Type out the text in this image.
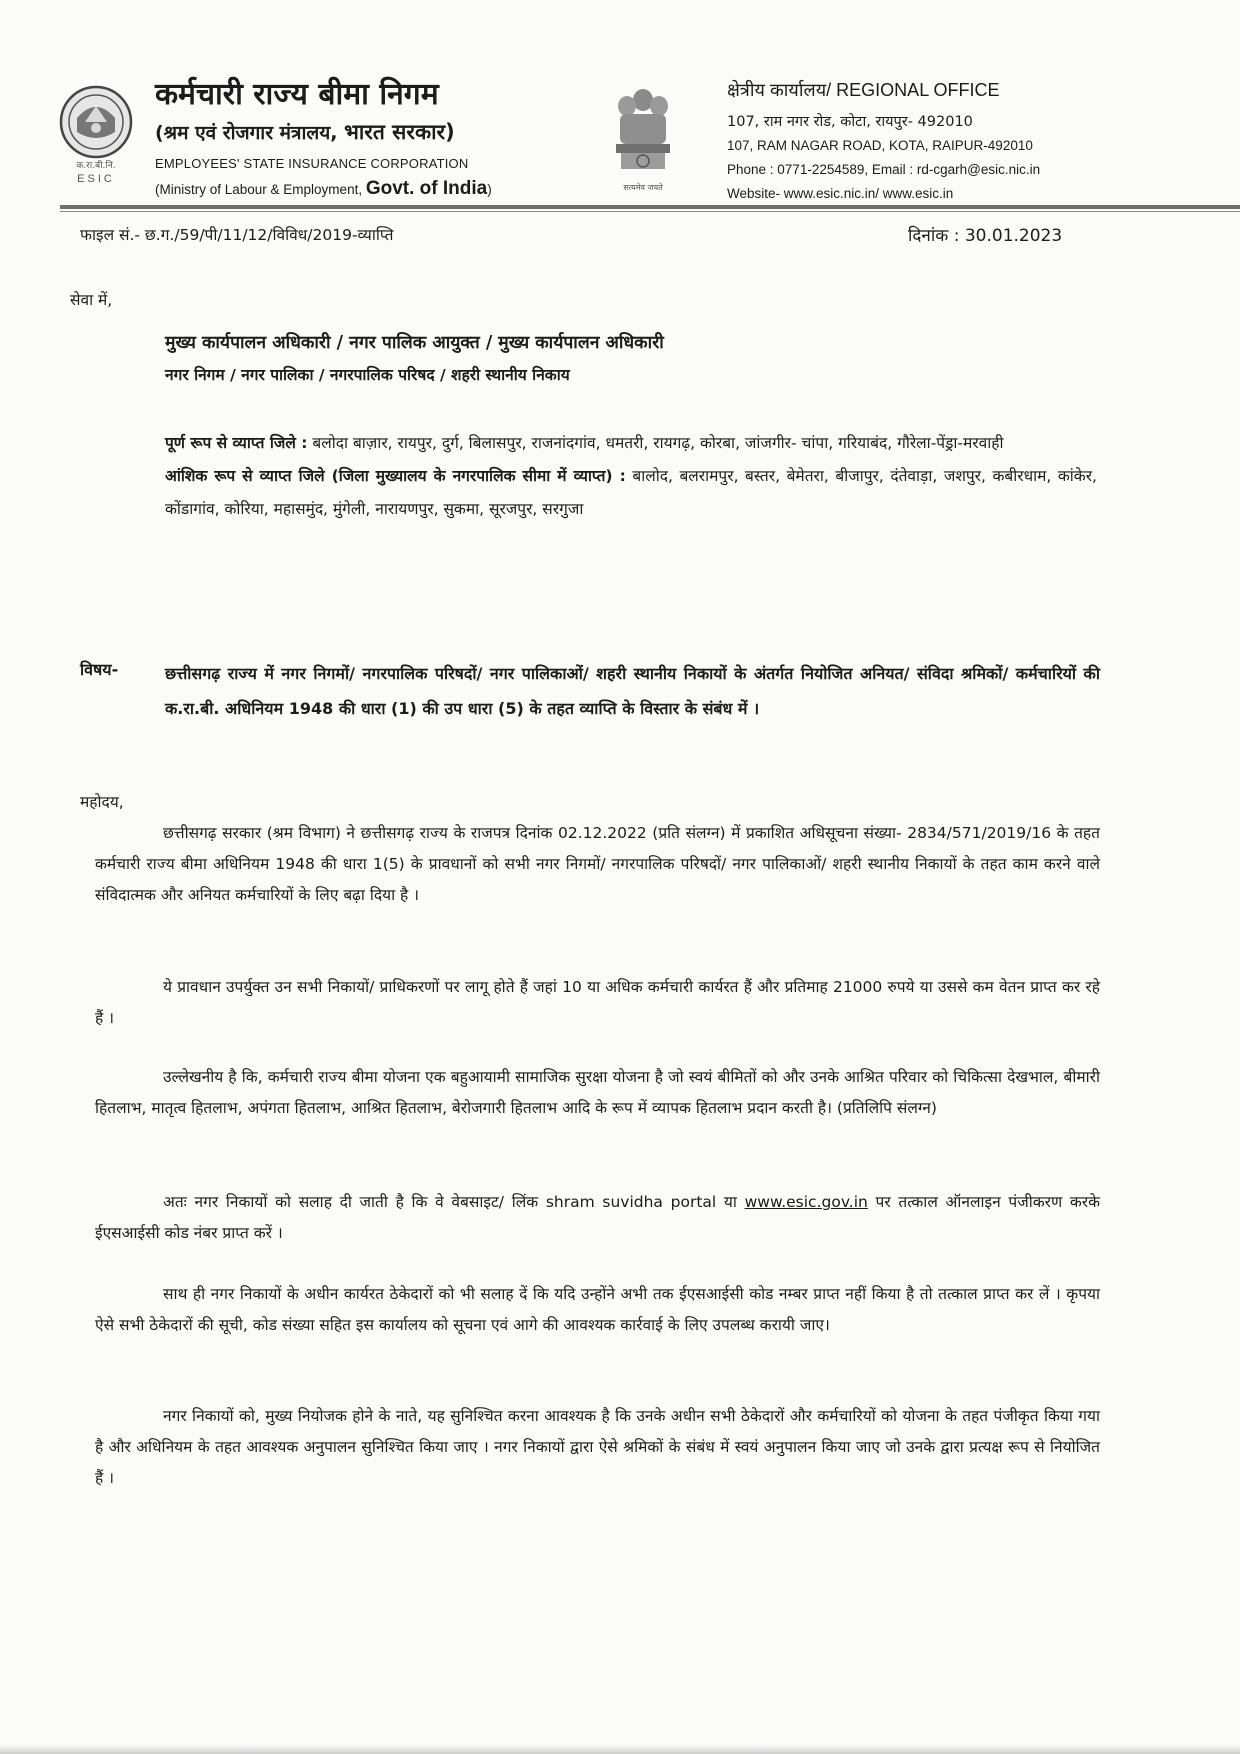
क.रा.बी.नि.
ESIC
कर्मचारी राज्य बीमा निगम
(श्रम एवं रोजगार मंत्रालय, भारत सरकार)
EMPLOYEES' STATE INSURANCE CORPORATION
(Ministry of Labour & Employment, Govt. of India)	सत्यमेव जयते
क्षेत्रीय कार्यालय/ REGIONAL OFFICE
107, राम नगर रोड, कोटा, रायपुर- 492010
107, RAM NAGAR ROAD, KOTA, RAIPUR-492010
Phone : 0771-2254589, Email : rd-cgarh@esic.nic.in
Website- www.esic.nic.in/ www.esic.in
फाइल सं.- छ.ग./59/पी/11/12/विविध/2019-व्याप्ति	दिनांक : 30.01.2023
सेवा में,
मुख्य कार्यपालन अधिकारी / नगर पालिक आयुक्त / मुख्य कार्यपालन अधिकारी
नगर निगम / नगर पालिका / नगरपालिक परिषद / शहरी स्थानीय निकाय
पूर्ण रूप से व्याप्त जिले : बलोदा बाज़ार, रायपुर, दुर्ग, बिलासपुर, राजनांदगांव, धमतरी, रायगढ़, कोरबा, जांजगीर- चांपा, गरियाबंद, गौरेला-पेंड्रा-मरवाही
आंशिक रूप से व्याप्त जिले (जिला मुख्यालय के नगरपालिक सीमा में व्याप्त) : बालोद, बलरामपुर, बस्तर, बेमेतरा, बीजापुर, दंतेवाड़ा, जशपुर, कबीरधाम, कांकेर, कोंडागांव, कोरिया, महासमुंद, मुंगेली, नारायणपुर, सुकमा, सूरजपुर, सरगुजा
विषय-	छत्तीसगढ़ राज्य में नगर निगमों/ नगरपालिक परिषदों/ नगर पालिकाओं/ शहरी स्थानीय निकायों के अंतर्गत नियोजित अनियत/ संविदा श्रमिकों/ कर्मचारियों की क.रा.बी. अधिनियम 1948 की धारा (1) की उप धारा (5) के तहत व्याप्ति के विस्तार के संबंध में ।
महोदय,
छत्तीसगढ़ सरकार (श्रम विभाग) ने छत्तीसगढ़ राज्य के राजपत्र दिनांक 02.12.2022 (प्रति संलग्न) में प्रकाशित अधिसूचना संख्या- 2834/571/2019/16 के तहत कर्मचारी राज्य बीमा अधिनियम 1948 की धारा 1(5) के प्रावधानों को सभी नगर निगमों/ नगरपालिक परिषदों/ नगर पालिकाओं/ शहरी स्थानीय निकायों के तहत काम करने वाले संविदात्मक और अनियत कर्मचारियों के लिए बढ़ा दिया है ।
ये प्रावधान उपर्युक्त उन सभी निकायों/ प्राधिकरणों पर लागू होते हैं जहां 10 या अधिक कर्मचारी कार्यरत हैं और प्रतिमाह 21000 रुपये या उससे कम वेतन प्राप्त कर रहे हैं ।
उल्लेखनीय है कि, कर्मचारी राज्य बीमा योजना एक बहुआयामी सामाजिक सुरक्षा योजना है जो स्वयं बीमितों को और उनके आश्रित परिवार को चिकित्सा देखभाल, बीमारी हितलाभ, मातृत्व हितलाभ, अपंगता हितलाभ, आश्रित हितलाभ, बेरोजगारी हितलाभ आदि के रूप में व्यापक हितलाभ प्रदान करती है। (प्रतिलिपि संलग्न)
अतः नगर निकायों को सलाह दी जाती है कि वे वेबसाइट/ लिंक shram suvidha portal या www.esic.gov.in पर तत्काल ऑनलाइन पंजीकरण करके ईएसआईसी कोड नंबर प्राप्त करें ।
साथ ही नगर निकायों के अधीन कार्यरत ठेकेदारों को भी सलाह दें कि यदि उन्होंने अभी तक ईएसआईसी कोड नम्बर प्राप्त नहीं किया है तो तत्काल प्राप्त कर लें । कृपया ऐसे सभी ठेकेदारों की सूची, कोड संख्या सहित इस कार्यालय को सूचना एवं आगे की आवश्यक कार्रवाई के लिए उपलब्ध करायी जाए।
नगर निकायों को, मुख्य नियोजक होने के नाते, यह सुनिश्चित करना आवश्यक है कि उनके अधीन सभी ठेकेदारों और कर्मचारियों को योजना के तहत पंजीकृत किया गया है और अधिनियम के तहत आवश्यक अनुपालन सुनिश्चित किया जाए । नगर निकायों द्वारा ऐसे श्रमिकों के संबंध में स्वयं अनुपालन किया जाए जो उनके द्वारा प्रत्यक्ष रूप से नियोजित हैं ।
